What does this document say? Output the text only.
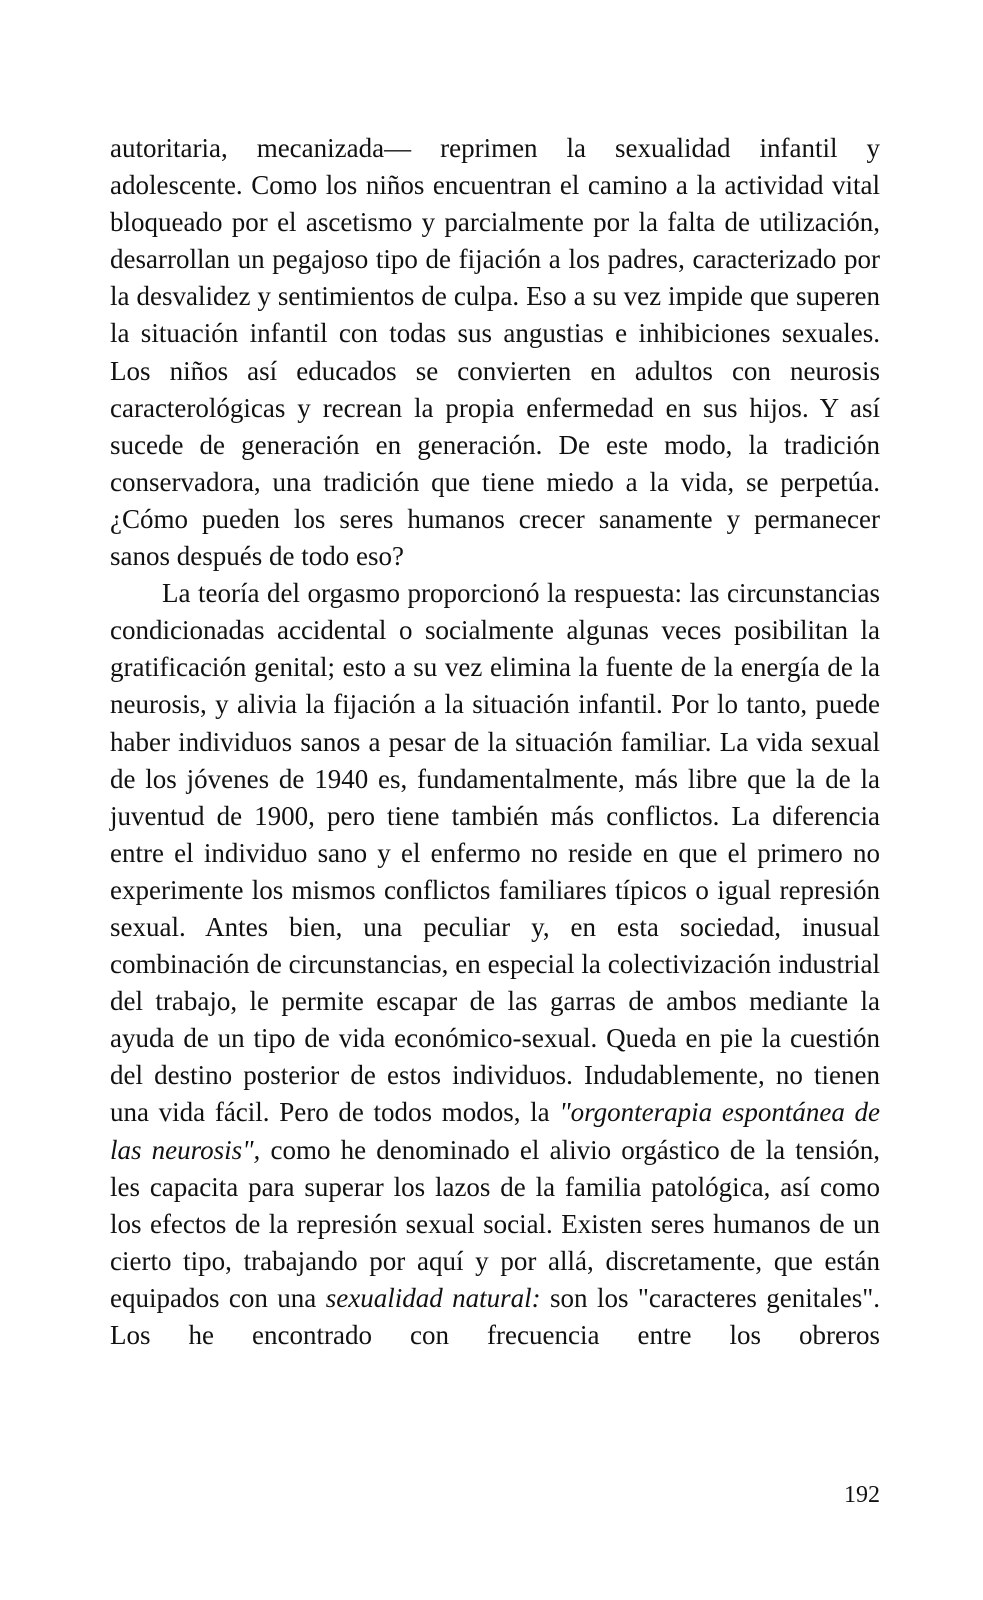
autoritaria, mecanizada— reprimen la sexualidad infantil y adolescente. Como los niños encuentran el camino a la actividad vital bloqueado por el ascetismo y parcialmente por la falta de utilización, desarrollan un pegajoso tipo de fijación a los padres, caracterizado por la desvalidez y sentimientos de culpa. Eso a su vez impide que superen la situación infantil con todas sus angustias e inhibiciones sexuales. Los niños así educados se convierten en adultos con neurosis caracterológicas y recrean la propia enfermedad en sus hijos. Y así sucede de generación en generación. De este modo, la tradición conservadora, una tradición que tiene miedo a la vida, se perpetúa. ¿Cómo pueden los seres humanos crecer sanamente y permanecer sanos después de todo eso?

La teoría del orgasmo proporcionó la respuesta: las circunstancias condicionadas accidental o socialmente algunas veces posibilitan la gratificación genital; esto a su vez elimina la fuente de la energía de la neurosis, y alivia la fijación a la situación infantil. Por lo tanto, puede haber individuos sanos a pesar de la situación familiar. La vida sexual de los jóvenes de 1940 es, fundamentalmente, más libre que la de la juventud de 1900, pero tiene también más conflictos. La diferencia entre el individuo sano y el enfermo no reside en que el primero no experimente los mismos conflictos familiares típicos o igual represión sexual. Antes bien, una peculiar y, en esta sociedad, inusual combinación de circunstancias, en especial la colectivización industrial del trabajo, le permite escapar de las garras de ambos mediante la ayuda de un tipo de vida económico-sexual. Queda en pie la cuestión del destino posterior de estos individuos. Indudablemente, no tienen una vida fácil. Pero de todos modos, la "orgonterapia espontánea de las neurosis", como he denominado el alivio orgástico de la tensión, les capacita para superar los lazos de la familia patológica, así como los efectos de la represión sexual social. Existen seres humanos de un cierto tipo, trabajando por aquí y por allá, discretamente, que están equipados con una sexualidad natural: son los "caracteres genitales". Los he encontrado con frecuencia entre los obreros

192
